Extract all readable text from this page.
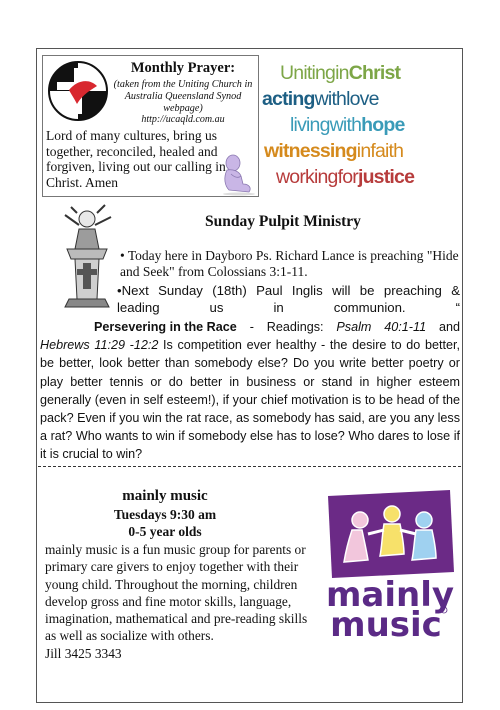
Monthly Prayer:
(taken from the Uniting Church in Australia Queensland Synod webpage)
http://ucaqld.com.au
Lord of many cultures, bring us together, reconciled, healed and forgiven, living out our calling in Christ. Amen
UnitinginChrist
actingwithlove
livingwithhope
witnessinginfaith
workingforjustice
Sunday Pulpit Ministry
• Today here in Dayboro Ps. Richard Lance is preaching "Hide and Seek" from Colossians 3:1-11.
•Next Sunday (18th) Paul Inglis will be preaching & leading us in communion. “
Persevering in the Race - Readings: Psalm 40:1-11 and Hebrews 11:29 -12:2 Is competition ever healthy - the desire to do better, be better, look better than somebody else? Do you write better poetry or play better tennis or do better in business or stand in higher esteem generally (even in self esteem!), if your chief motivation is to be head of the pack? Even if you win the rat race, as somebody has said, are you any less a rat? Who wants to win if somebody else has to lose? Who dares to lose if it is crucial to win?
mainly music
Tuesdays 9:30 am
0-5 year olds
mainly music is a fun music group for parents or primary care givers to enjoy together with their young child. Throughout the morning, children develop gross and fine motor skills, language, imagination, mathematical and pre-reading skills as well as socialize with others.
Jill 3425 3343
mainly
music
